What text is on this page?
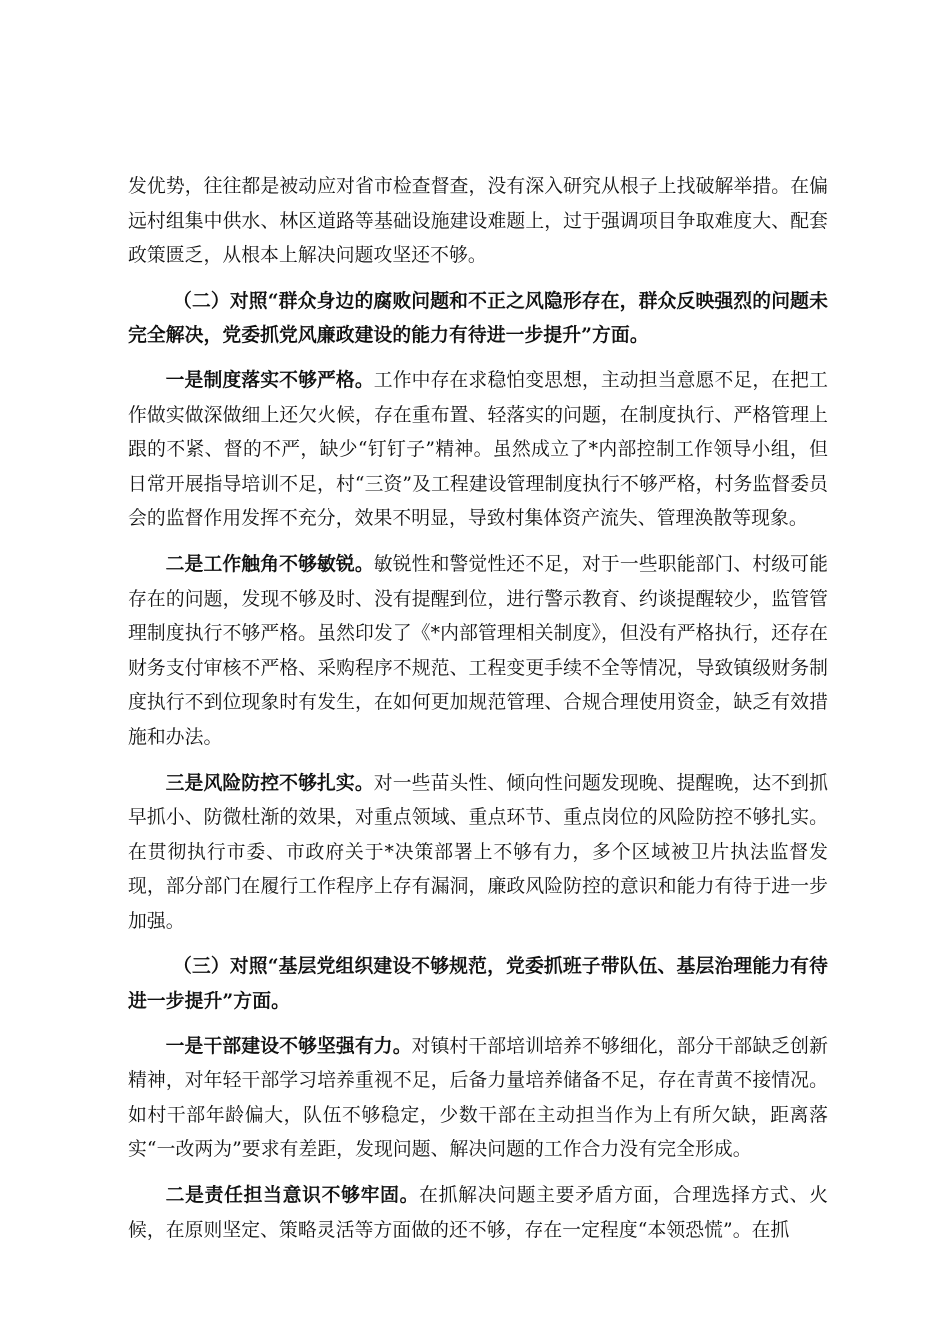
发优势，往往都是被动应对省市检查督查，没有深入研究从根子上找破解举措。在偏远村组集中供水、林区道路等基础设施建设难题上，过于强调项目争取难度大、配套政策匮乏，从根本上解决问题攻坚还不够。

（二）对照“群众身边的腐败问题和不正之风隐形存在，群众反映强烈的问题未完全解决，党委抓党风廉政建设的能力有待进一步提升”方面。

一是制度落实不够严格。工作中存在求稳怕变思想，主动担当意愿不足，在把工作做实做深做细上还欠火候，存在重布置、轻落实的问题，在制度执行、严格管理上跟的不紧、督的不严，缺少“钉钉子”精神。虽然成立了*内部控制工作领导小组，但日常开展指导培训不足，村“三资”及工程建设管理制度执行不够严格，村务监督委员会的监督作用发挥不充分，效果不明显，导致村集体资产流失、管理涣散等现象。

二是工作触角不够敏锐。敏锐性和警觉性还不足，对于一些职能部门、村级可能存在的问题，发现不够及时、没有提醒到位，进行警示教育、约谈提醒较少，监管管理制度执行不够严格。虽然印发了《*内部管理相关制度》，但没有严格执行，还存在财务支付审核不严格、采购程序不规范、工程变更手续不全等情况，导致镇级财务制度执行不到位现象时有发生，在如何更加规范管理、合规合理使用资金，缺乏有效措施和办法。

三是风险防控不够扎实。对一些苗头性、倾向性问题发现晚、提醒晚，达不到抓早抓小、防微杜渐的效果，对重点领域、重点环节、重点岗位的风险防控不够扎实。在贯彻执行市委、市政府关于*决策部署上不够有力，多个区域被卫片执法监督发现，部分部门在履行工作程序上存有漏洞，廉政风险防控的意识和能力有待于进一步加强。

（三）对照“基层党组织建设不够规范，党委抓班子带队伍、基层治理能力有待进一步提升”方面。

一是干部建设不够坚强有力。对镇村干部培训培养不够细化，部分干部缺乏创新精神，对年轻干部学习培养重视不足，后备力量培养储备不足，存在青黄不接情况。如村干部年龄偏大，队伍不够稳定，少数干部在主动担当作为上有所欠缺，距离落实“一改两为”要求有差距，发现问题、解决问题的工作合力没有完全形成。

二是责任担当意识不够牢固。在抓解决问题主要矛盾方面，合理选择方式、火候，在原则坚定、策略灵活等方面做的还不够，存在一定程度“本领恐慌”。在抓
